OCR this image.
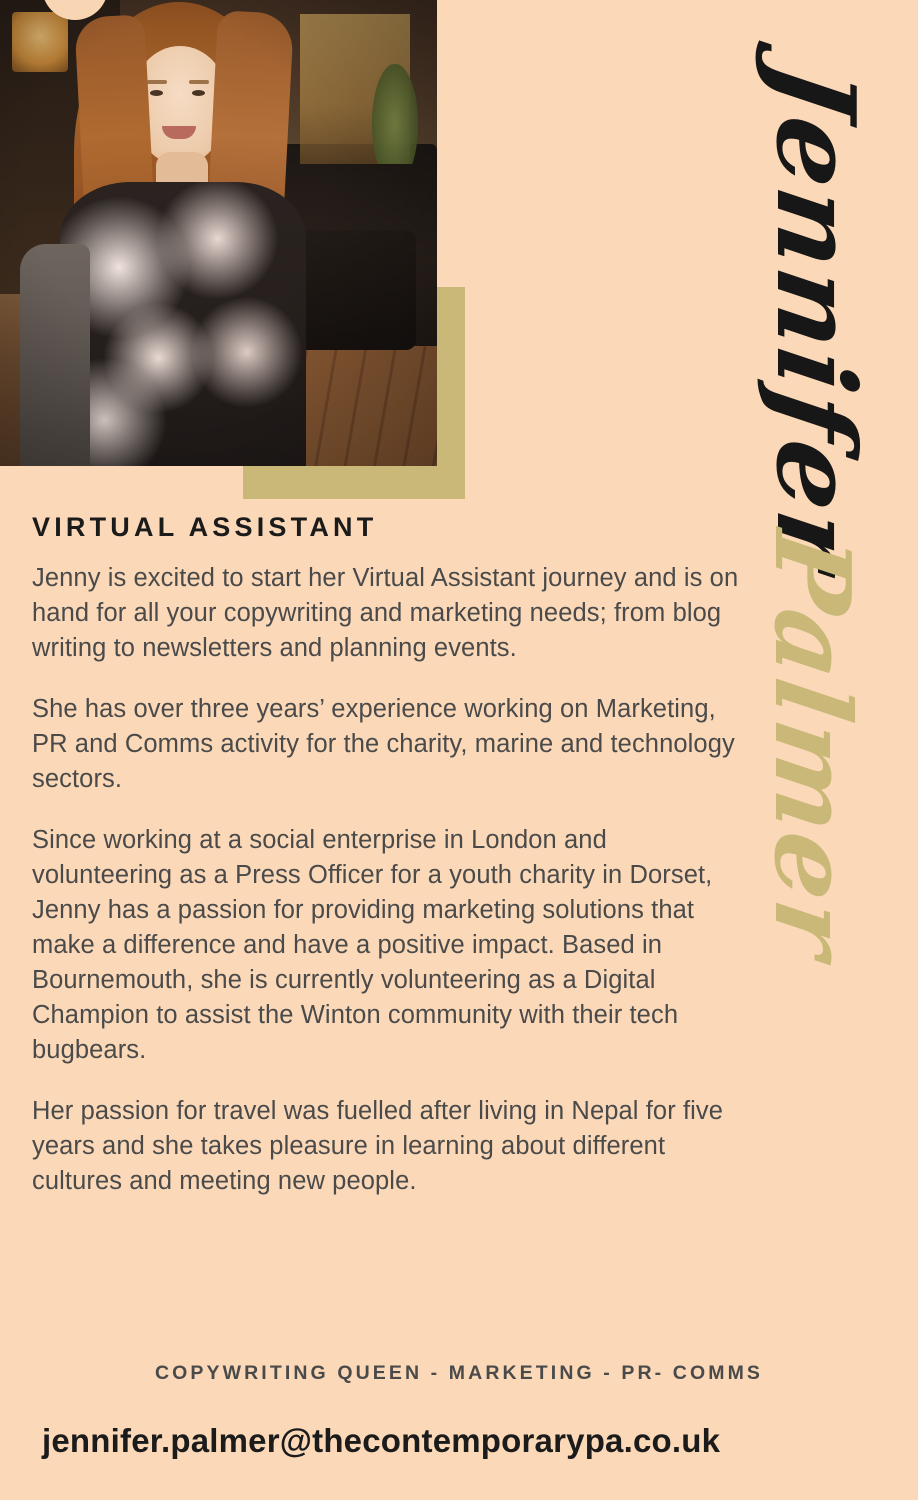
Jennifer
Palmer
VIRTUAL ASSISTANT

Jenny is excited to start her Virtual Assistant journey and is on hand for all your copywriting and marketing needs; from blog writing to newsletters and planning events.

She has over three years’ experience working on Marketing, PR and Comms activity for the charity, marine and technology sectors.

Since working at a social enterprise in London and volunteering as a Press Officer for a youth charity in Dorset, Jenny has a passion for providing marketing solutions that make a difference and have a positive impact. Based in Bournemouth, she is currently volunteering as a Digital Champion to assist the Winton community with their tech bugbears.

Her passion for travel was fuelled after living in Nepal for five years and she takes pleasure in learning about different cultures and meeting new people.

COPYWRITING QUEEN - MARKETING - PR- COMMS
jennifer.palmer@thecontemporarypa.co.uk
